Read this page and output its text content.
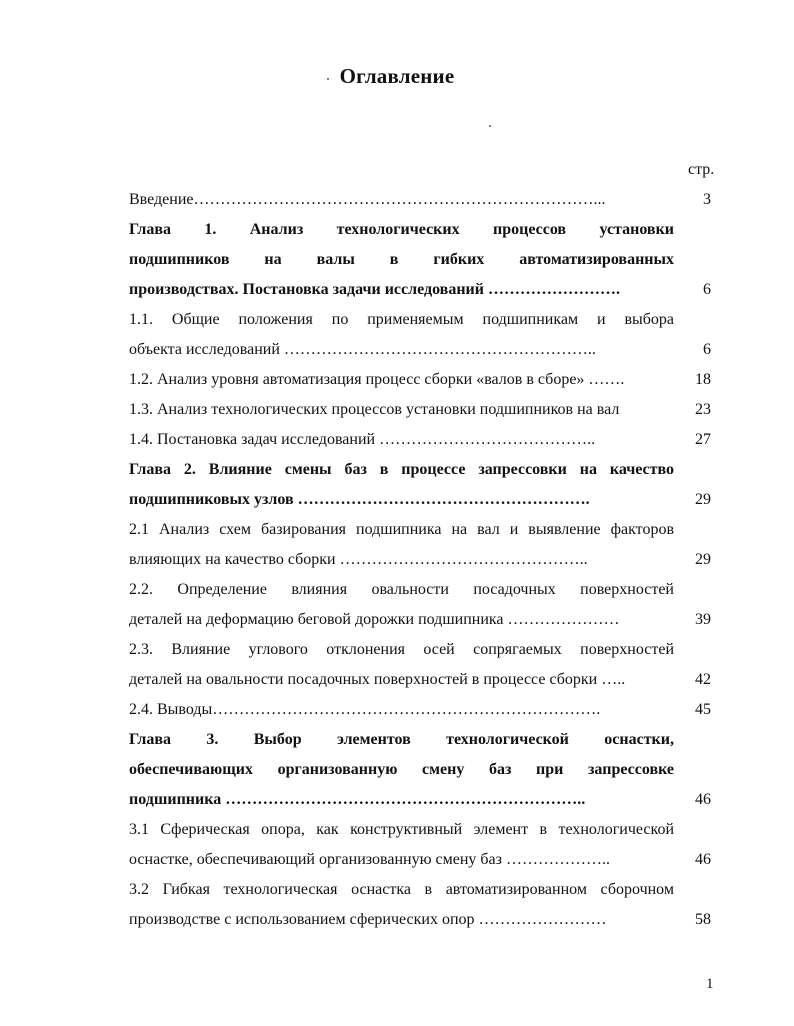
Оглавление
стр.
Введение…………………………………………………………………...	3
Глава 1. Анализ технологических процессов установки
подшипников на валы в гибких автоматизированных
производствах. Постановка задачи исследований …………………….	6
1.1. Общие положения по применяемым подшипникам и выбора
объекта исследований …………………………………………………..	6
1.2. Анализ уровня автоматизация процесс сборки «валов в сборе» …….	18
1.3. Анализ технологических процессов установки подшипников на вал	23
1.4. Постановка задач исследований …………………………………..	27
Глава 2. Влияние смены баз в процессе запрессовки на качество
подшипниковых узлов ……………………………………………….	29
2.1 Анализ схем базирования подшипника на вал и выявление факторов
влияющих на качество сборки ………………………………………..	29
2.2. Определение влияния овальности посадочных поверхностей
деталей на деформацию беговой дорожки подшипника …………………	39
2.3. Влияние углового отклонения осей сопрягаемых поверхностей
деталей на овальности посадочных поверхностей в процессе сборки …..	42
2.4. Выводы……………………………………………………………….	45
Глава 3. Выбор элементов технологической оснастки,
обеспечивающих организованную смену баз при запрессовке
подшипника …………………………………………………………..	46
3.1 Сферическая опора, как конструктивный элемент в технологической
оснастке, обеспечивающий организованную смену баз ………………..	46
3.2 Гибкая технологическая оснастка в автоматизированном сборочном
производстве с использованием сферических опор ……………………	58
1
